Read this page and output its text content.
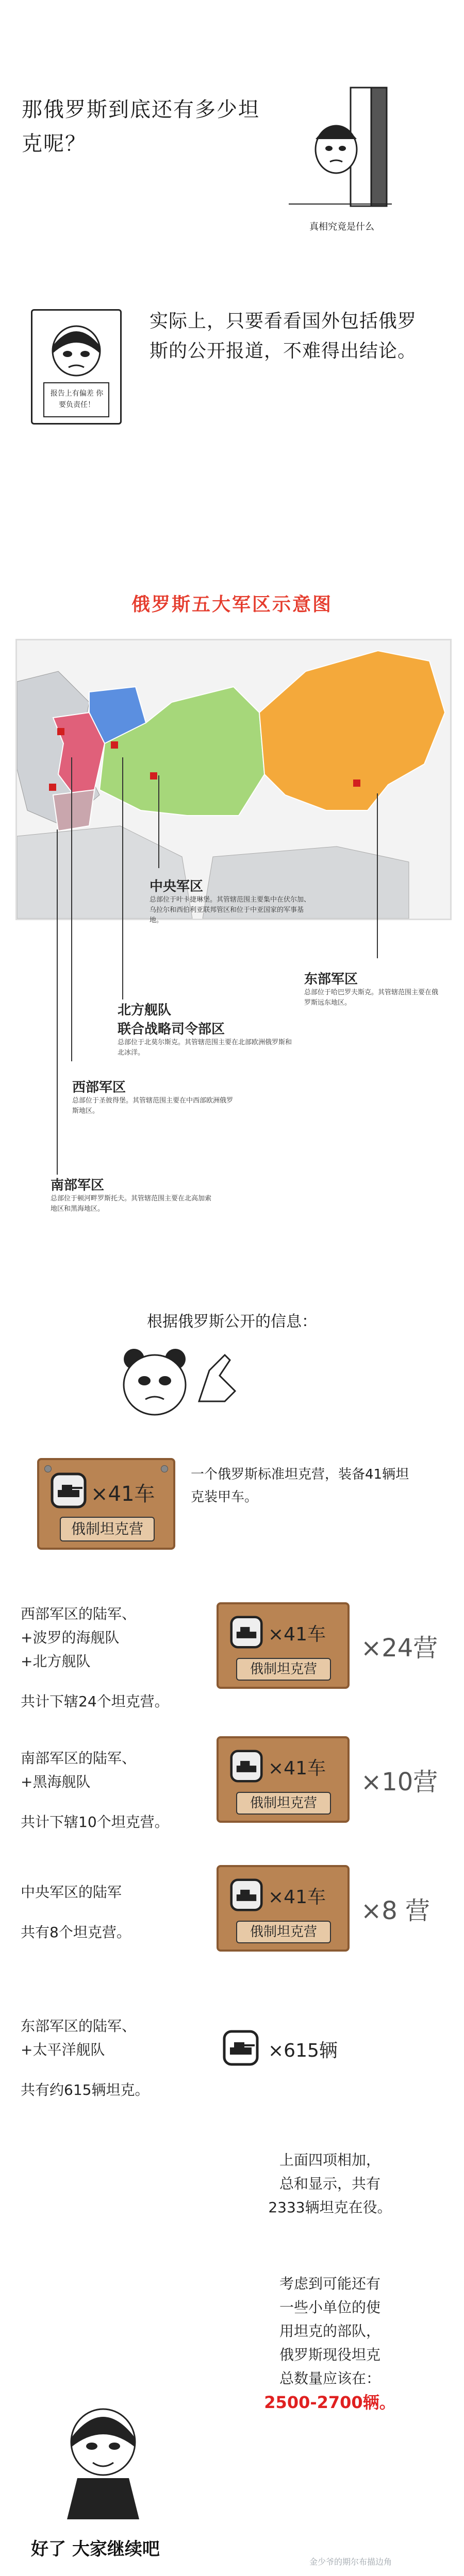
那俄罗斯到底还有多少坦克呢？
真相究竟是什么
报告上有偏差 你要负责任！
实际上，只要看看国外包括俄罗斯的公开报道，不难得出结论。
俄罗斯五大军区示意图
中央军区
总部位于叶卡捷琳堡。其管辖范围主要集中在伏尔加、乌拉尔和西伯利亚联邦管区和位于中亚国家的军事基地。
东部军区
总部位于哈巴罗夫斯克。其管辖范围主要在俄罗斯远东地区。
北方舰队
联合战略司令部区
总部位于北莫尔斯克。其管辖范围主要在北部欧洲俄罗斯和北冰洋。
西部军区
总部位于圣彼得堡。其管辖范围主要在中西部欧洲俄罗斯地区。
南部军区
总部位于顿河畔罗斯托夫。其管辖范围主要在北高加索地区和黑海地区。
根据俄罗斯公开的信息：
×41车
俄制坦克营
一个俄罗斯标准坦克营，装备41辆坦克装甲车。
西部军区的陆军、
+波罗的海舰队
+北方舰队
共计下辖24个坦克营。
×41车
俄制坦克营
×24营
南部军区的陆军、
+黑海舰队
共计下辖10个坦克营。
×41车
俄制坦克营
×10营
中央军区的陆军
共有8个坦克营。
×41车
俄制坦克营
×8 营
东部军区的陆军、
+太平洋舰队
共有约615辆坦克。
×615辆
上面四项相加，
总和显示，共有
2333辆坦克在役。
考虑到可能还有
一些小单位的使
用坦克的部队，
俄罗斯现役坦克
总数量应该在：
2500-2700辆。
好了 大家继续吧
金少爷的期尔布描边角
